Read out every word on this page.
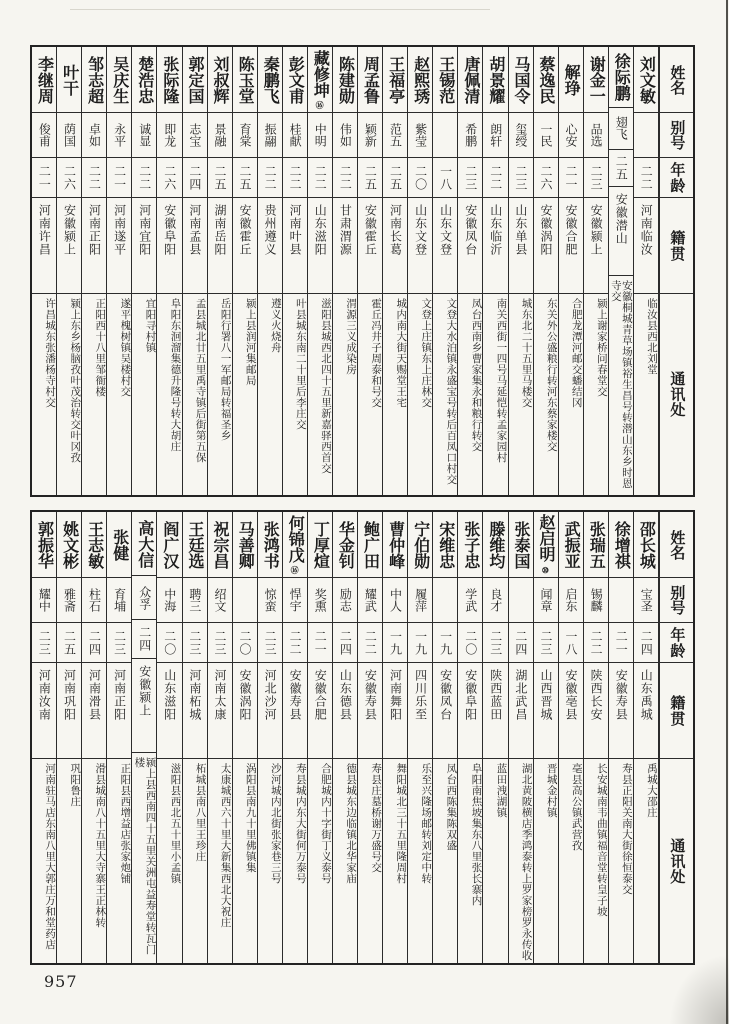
姓名
别号
年龄
籍贯
通讯处
刘文敏
二二
河南临汝
临汝县西北刘堂
徐际鹏
翅飞
二五
安徽潜山
安徽桐城青草场镇裕生昌号转潜山东乡时恩寺交
谢金一
品选
二三
安徽颍上
颍上谢家桥问春堂交
解琤
心安
二一
安徽合肥
合肥龙潭河邮交蟠结冈
蔡逸民
一民
二六
安徽涡阳
东关外公盛粮行转河东蔡家楼交
马国令
玺绶
二三
山东单县
城东北二十五里马楼交
胡景耀
朗轩
二二
山东临沂
南关西街一四号马延恺转孟家园村
唐佩清
希鹏
二三
安徽凤台
凤台西南乡曹家集永和粮行转交
王锡范
一八
山东文登
文登大水泊镇永盛宝号转后百凤口村交
赵熙琇
紫莹
二〇
山东文登
文登上庄镇东上庄林交
王福亭
范五
二五
河南长葛
城内南大街天赐堂王宅
周孟鲁
颖新
二五
安徽霍丘
霍丘冯井子周泰和号交
陈建勋
伟如
二二
甘肃渭源
渭源三义成染房
藏修坤
⑯
中明
二二
山东滋阳
滋阳县城西北四十五里新嘉驿西首交
彭文甫
桂献
二二
河南叶县
叶县城东南二十里后李庄交
秦鹏飞
振翮
二二
贵州遵义
遵义火烧舟
陈玉堂
育棠
二五
安徽霍丘
颍上县润河集邮局
刘叔辉
景融
二五
湖南岳阳
岳阳行署八一军邮局转福圣乡
郭定国
志宝
二四
河南孟县
孟县城北廿五里禹寺镇后街第五保
张际隆
即龙
二六
安徽阜阳
阜阳东洄溜集德升隆号转大胡庄
楚浩忠
诚显
二二
河南宜阳
宜阳寻村镇
吴庆生
永平
二一
河南遂平
遂平槐树镇吴楼村交
邹志超
卓如
二二
河南正阳
正阳西十八里邹衙楼
叶干
荫国
二六
安徽颍上
颍上东乡杨脑孜叶茂治转交叶冈孜
李继周
俊甫
二一
河南许昌
许昌城东张潘杨寺村交
姓名
别号
年龄
籍贯
通讯处
邵长城
宝圣
二四
山东禹城
禹城大邵庄
徐增祺
二一
安徽寿县
寿县正阳关南大街徐恒泰交
张瑞五
锡麟
二二
陕西长安
长安城南韦曲镇福音堂转皇子坡
武振亚
启东
一八
安徽亳县
亳县高公镇武营孜
赵启明
⑩
闻章
二三
山西晋城
晋城金村镇
张泰国
二四
湖北武昌
湖北黄陂横店季鸿泰转上罗家榜罗永传收
滕维均
良才
二三
陕西蓝田
蓝田洩湖镇
张子忠
学武
二〇
安徽阜阳
阜阳南焦坡集东八里张长寨内
宋维忠
一九
安徽凤台
凤台西陈集陈双盛
宁伯勋
履萍
一九
四川乐至
乐至兴隆场邮转刘定中转
曹仲峰
中人
一九
河南舞阳
舞阳城北三十五里隆周村
鲍广田
耀武
二二
安徽寿县
寿县庄墓桥谢万盛号交
华金钊
励志
二四
山东德县
德县城东边临镇北华家庙
丁厚煊
奖熏
二一
安徽合肥
合肥城内十字街丁义泰号
何锦戊
⑯
悍宇
二二
安徽寿县
寿县城内东大街何万泰号
张鸿书
惊蛮
二三
河北沙河
沙河城内北街张家巷三号
马善卿
二〇
安徽涡阳
涡阳县南九十里佛镇集
祝宗昌
绍文
二三
河南太康
太康城西六十里大新集西北大祝庄
王廷选
聘三
二三
河南柘城
柘城县南八里王珍庄
阎广汉
中海
二〇
山东滋阳
滋阳县西北五十里小孟镇
高大信
众孚
二四
安徽颍上
颍上县西南四十五里关洲屯益寿堂转瓦门楼
张健
育埔
二三
河南正阳
正阳县西增益店张家炮铺
王志敏
柱石
二四
河南滑县
滑县城南八十五里大寺寨王正林转
姚文彬
雅斋
二五
河南巩阳
巩阳鲁庄
郭振华
耀中
二三
河南汝南
河南驻马店东南八里大郭庄万和堂药店
957
